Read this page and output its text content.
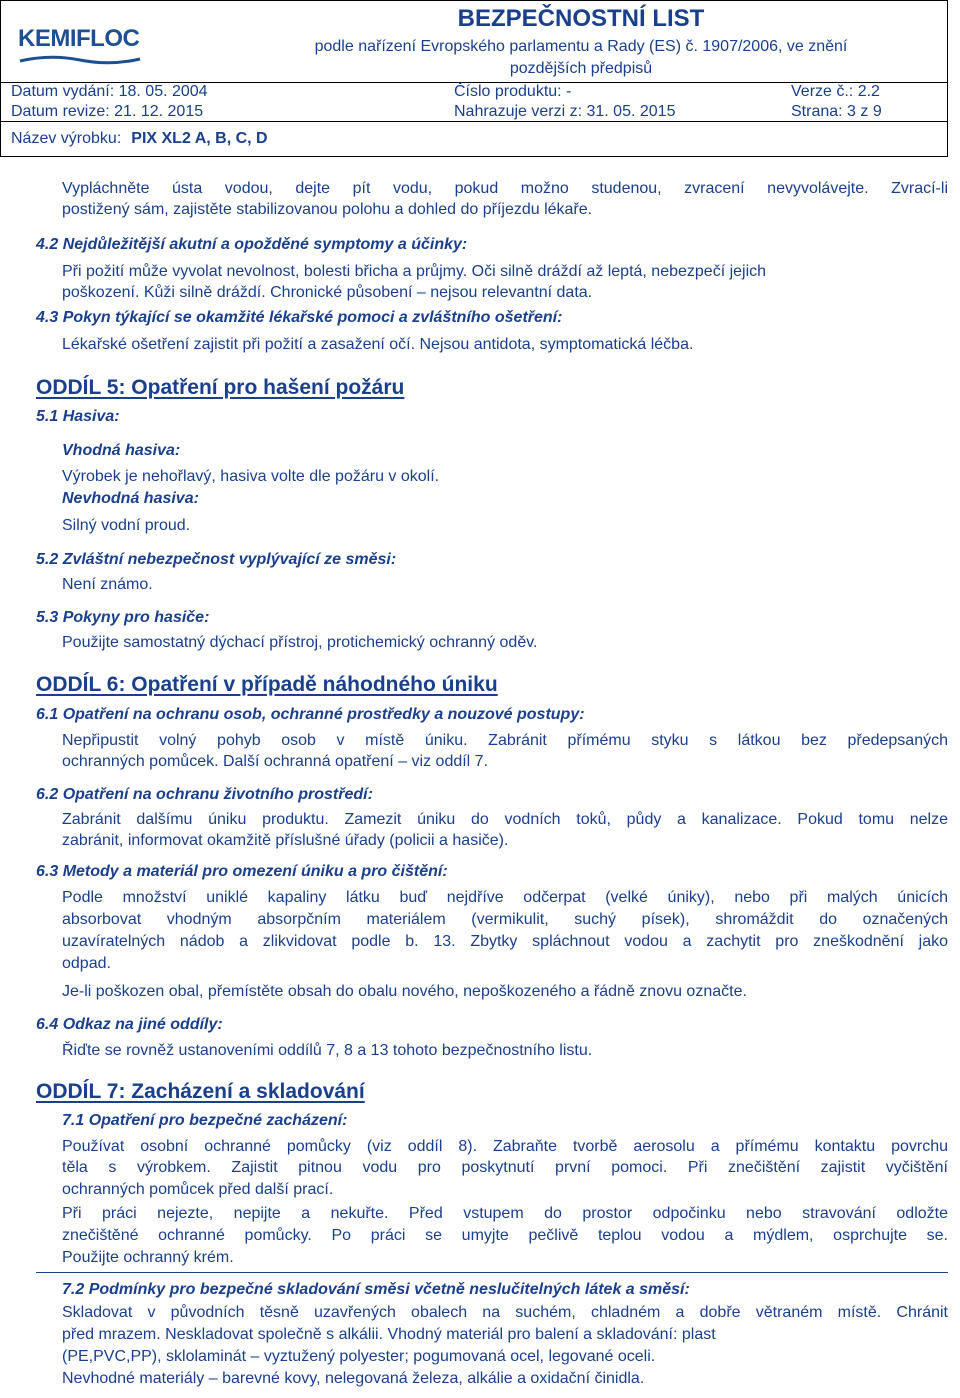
KEMIFLOC
BEZPEČNOSTNÍ LIST
podle nařízení Evropského parlamentu a Rady (ES) č. 1907/2006, ve znění
pozdějších předpisů
Datum vydání: 18. 05. 2004	Číslo produktu: -	Verze č.: 2.2
Datum revize: 21. 12. 2015	Nahrazuje verzi z: 31. 05. 2015	Strana: 3 z 9
Název výrobku: PIX XL2 A, B, C, D
Vypláchněte ústa vodou, dejte pít vodu, pokud možno studenou, zvracení nevyvolávejte. Zvrací-li
postižený sám, zajistěte stabilizovanou polohu a dohled do příjezdu lékaře.
4.2 Nejdůležitější akutní a opožděné symptomy a účinky:
Při požití může vyvolat nevolnost, bolesti břicha a průjmy. Oči silně dráždí až leptá, nebezpečí jejich
poškození. Kůži silně dráždí. Chronické působení – nejsou relevantní data.
4.3 Pokyn týkající se okamžité lékařské pomoci a zvláštního ošetření:
Lékařské ošetření zajistit při požití a zasažení očí. Nejsou antidota, symptomatická léčba.
ODDÍL 5: Opatření pro hašení požáru
5.1 Hasiva:
Vhodná hasiva:
Výrobek je nehořlavý, hasiva volte dle požáru v okolí.
Nevhodná hasiva:
Silný vodní proud.
5.2 Zvláštní nebezpečnost vyplývající ze směsi:
Není známo.
5.3 Pokyny pro hasiče:
Použijte samostatný dýchací přístroj, protichemický ochranný oděv.
ODDÍL 6: Opatření v případě náhodného úniku
6.1 Opatření na ochranu osob, ochranné prostředky a nouzové postupy:
Nepřipustit volný pohyb osob v místě úniku. Zabránit přímému styku s látkou bez předepsaných
ochranných pomůcek. Další ochranná opatření – viz oddíl 7.
6.2 Opatření na ochranu životního prostředí:
Zabránit dalšímu úniku produktu. Zamezit úniku do vodních toků, půdy a kanalizace. Pokud tomu nelze
zabránit, informovat okamžitě příslušné úřady (policii a hasiče).
6.3 Metody a materiál pro omezení úniku a pro čištění:
Podle množství uniklé kapaliny látku buď nejdříve odčerpat (velké úniky), nebo při malých únicích
absorbovat vhodným absorpčním materiálem (vermikulit, suchý písek), shromáždit do označených
uzavíratelných nádob a zlikvidovat podle b. 13. Zbytky spláchnout vodou a zachytit pro zneškodnění jako
odpad.
Je-li poškozen obal, přemístěte obsah do obalu nového, nepoškozeného a řádně znovu označte.
6.4 Odkaz na jiné oddíly:
Řiďte se rovněž ustanoveními oddílů 7, 8 a 13 tohoto bezpečnostního listu.
ODDÍL 7: Zacházení a skladování
7.1 Opatření pro bezpečné zacházení:
Používat osobní ochranné pomůcky (viz oddíl 8). Zabraňte tvorbě aerosolu a přímému kontaktu povrchu
těla s výrobkem. Zajistit pitnou vodu pro poskytnutí první pomoci. Při znečištění zajistit vyčištění
ochranných pomůcek před další prací.
Při práci nejezte, nepijte a nekuřte. Před vstupem do prostor odpočinku nebo stravování odložte
znečištěné ochranné pomůcky. Po práci se umyjte pečlivě teplou vodou a mýdlem, osprchujte se.
Použijte ochranný krém.
7.2 Podmínky pro bezpečné skladování směsi včetně neslučitelných látek a směsí:
Skladovat v původních těsně uzavřených obalech na suchém, chladném a dobře větraném místě. Chránit
před mrazem. Neskladovat společně s alkálii. Vhodný materiál pro balení a skladování: plast
(PE,PVC,PP), sklolaminát – vyztužený polyester; pogumovaná ocel, legované oceli.
Nevhodné materiály – barevné kovy, nelegovaná železa, alkálie a oxidační činidla.
